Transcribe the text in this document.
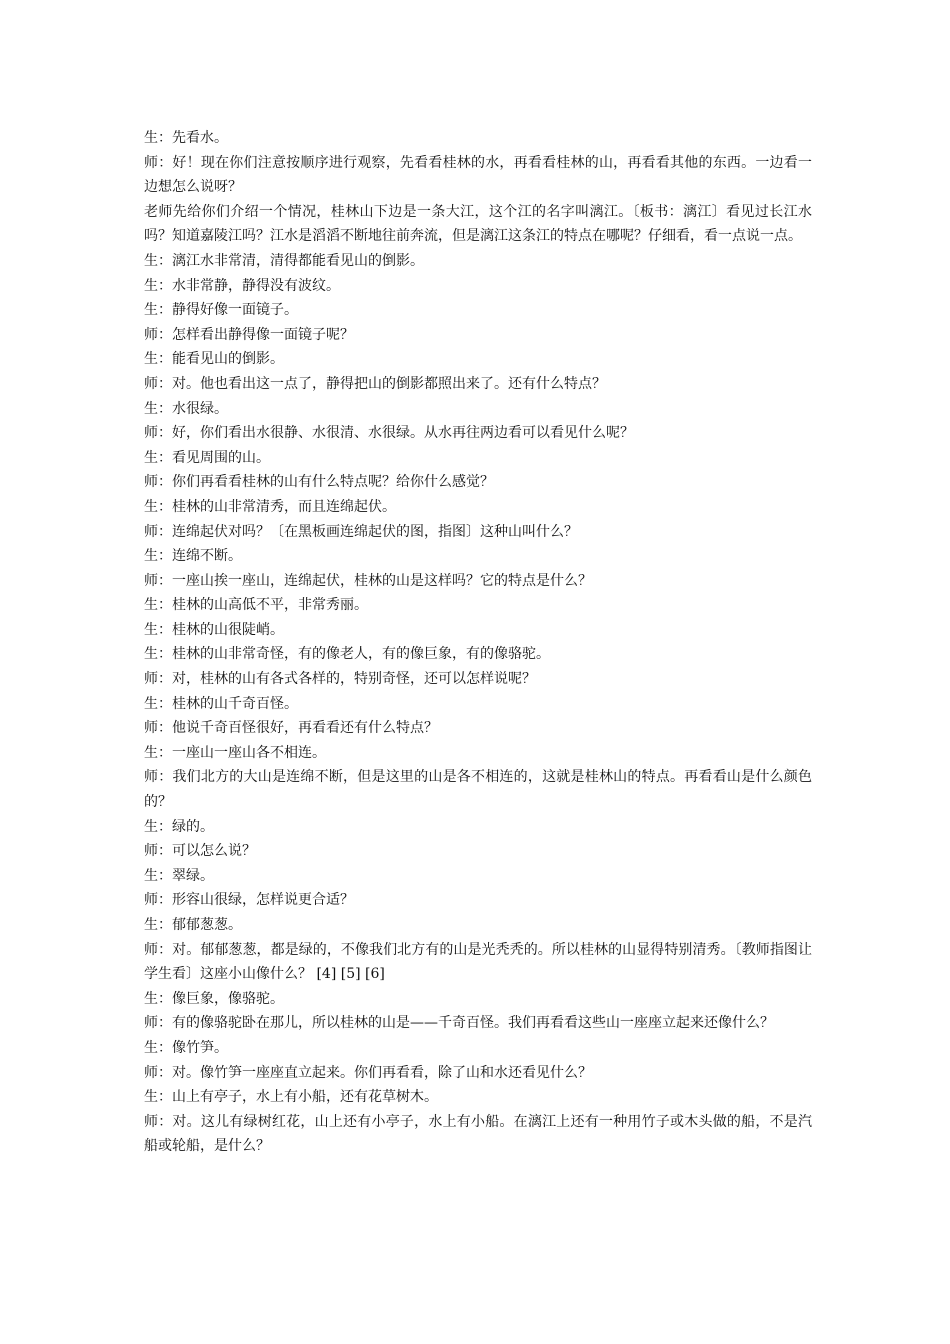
生：先看水。

师：好！现在你们注意按顺序进行观察，先看看桂林的水，再看看桂林的山，再看看其他的东西。一边看一边想怎么说呀？

老师先给你们介绍一个情况，桂林山下边是一条大江，这个江的名字叫漓江。〔板书：漓江〕看见过长江水吗？知道嘉陵江吗？江水是滔滔不断地往前奔流，但是漓江这条江的特点在哪呢？仔细看，看一点说一点。

生：漓江水非常清，清得都能看见山的倒影。

生：水非常静，静得没有波纹。

生：静得好像一面镜子。

师：怎样看出静得像一面镜子呢？

生：能看见山的倒影。

师：对。他也看出这一点了，静得把山的倒影都照出来了。还有什么特点？

生：水很绿。

师：好，你们看出水很静、水很清、水很绿。从水再往两边看可以看见什么呢？

生：看见周围的山。

师：你们再看看桂林的山有什么特点呢？给你什么感觉？

生：桂林的山非常清秀，而且连绵起伏。

师：连绵起伏对吗？〔在黑板画连绵起伏的图，指图〕这种山叫什么？

生：连绵不断。

师：一座山挨一座山，连绵起伏，桂林的山是这样吗？它的特点是什么？

生：桂林的山高低不平，非常秀丽。

生：桂林的山很陡峭。

生：桂林的山非常奇怪，有的像老人，有的像巨象，有的像骆驼。

师：对，桂林的山有各式各样的，特别奇怪，还可以怎样说呢？

生：桂林的山千奇百怪。

师：他说千奇百怪很好，再看看还有什么特点？

生：一座山一座山各不相连。

师：我们北方的大山是连绵不断，但是这里的山是各不相连的，这就是桂林山的特点。再看看山是什么颜色的？

生：绿的。

师：可以怎么说？

生：翠绿。

师：形容山很绿，怎样说更合适？

生：郁郁葱葱。

师：对。郁郁葱葱，都是绿的，不像我们北方有的山是光秃秃的。所以桂林的山显得特别清秀。〔教师指图让学生看〕这座小山像什么？ [4] [5] [6]

生：像巨象，像骆驼。

师：有的像骆驼卧在那儿，所以桂林的山是——千奇百怪。我们再看看这些山一座座立起来还像什么？

生：像竹笋。

师：对。像竹笋一座座直立起来。你们再看看，除了山和水还看见什么？

生：山上有亭子，水上有小船，还有花草树木。

师：对。这儿有绿树红花，山上还有小亭子，水上有小船。在漓江上还有一种用竹子或木头做的船，不是汽船或轮船，是什么？
